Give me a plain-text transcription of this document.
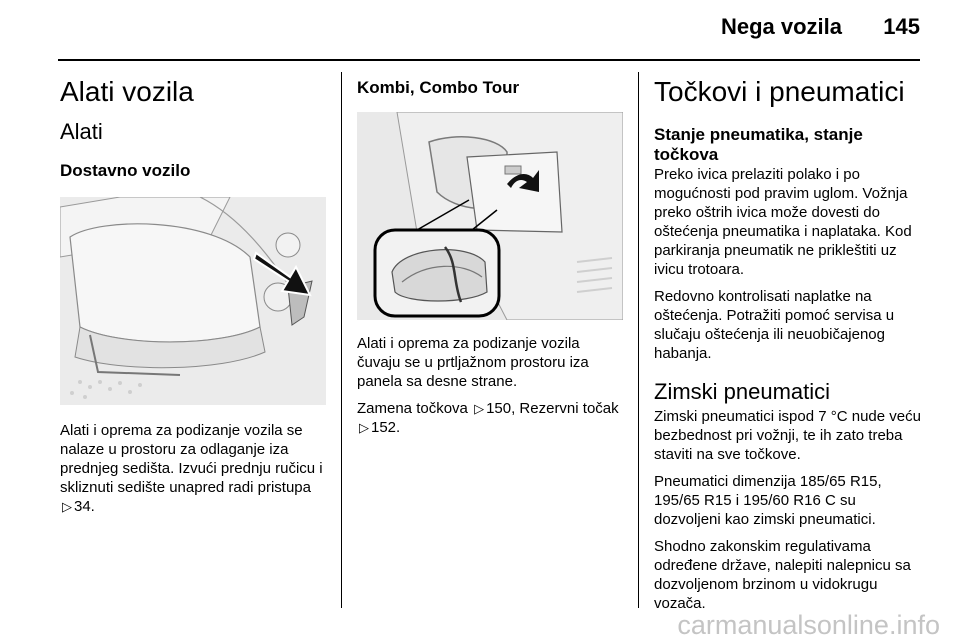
Nega vozila 145
Alati vozila
Alati
Dostavno vozilo
Alati i oprema za podizanje vozila se nalaze u prostoru za odlaganje iza prednjeg sedišta. Izvući prednju ručicu i skliznuti sedište unapred radi pristupa ▷ 34.
Kombi, Combo Tour
Alati i oprema za podizanje vozila čuvaju se u prtljažnom prostoru iza panela sa desne strane.
Zamena točkova ▷ 150, Rezervni točak ▷ 152.
Točkovi i pneumatici
Stanje pneumatika, stanje točkova
Preko ivica prelaziti polako i po mogućnosti pod pravim uglom. Vožnja preko oštrih ivica može dovesti do oštećenja pneumatika i naplataka. Kod parkiranja pneumatik ne prikleštiti uz ivicu trotoara.
Redovno kontrolisati naplatke na oštećenja. Potražiti pomoć servisa u slučaju oštećenja ili neuobičajenog habanja.
Zimski pneumatici
Zimski pneumatici ispod 7 °C nude veću bezbednost pri vožnji, te ih zato treba staviti na sve točkove.
Pneumatici dimenzija 185/65 R15, 195/65 R15 i 195/60 R16 C su dozvoljeni kao zimski pneumatici.
Shodno zakonskim regulativama određene države, nalepiti nalepnicu sa dozvoljenom brzinom u vidokrugu vozača.
carmanualsonline.info
